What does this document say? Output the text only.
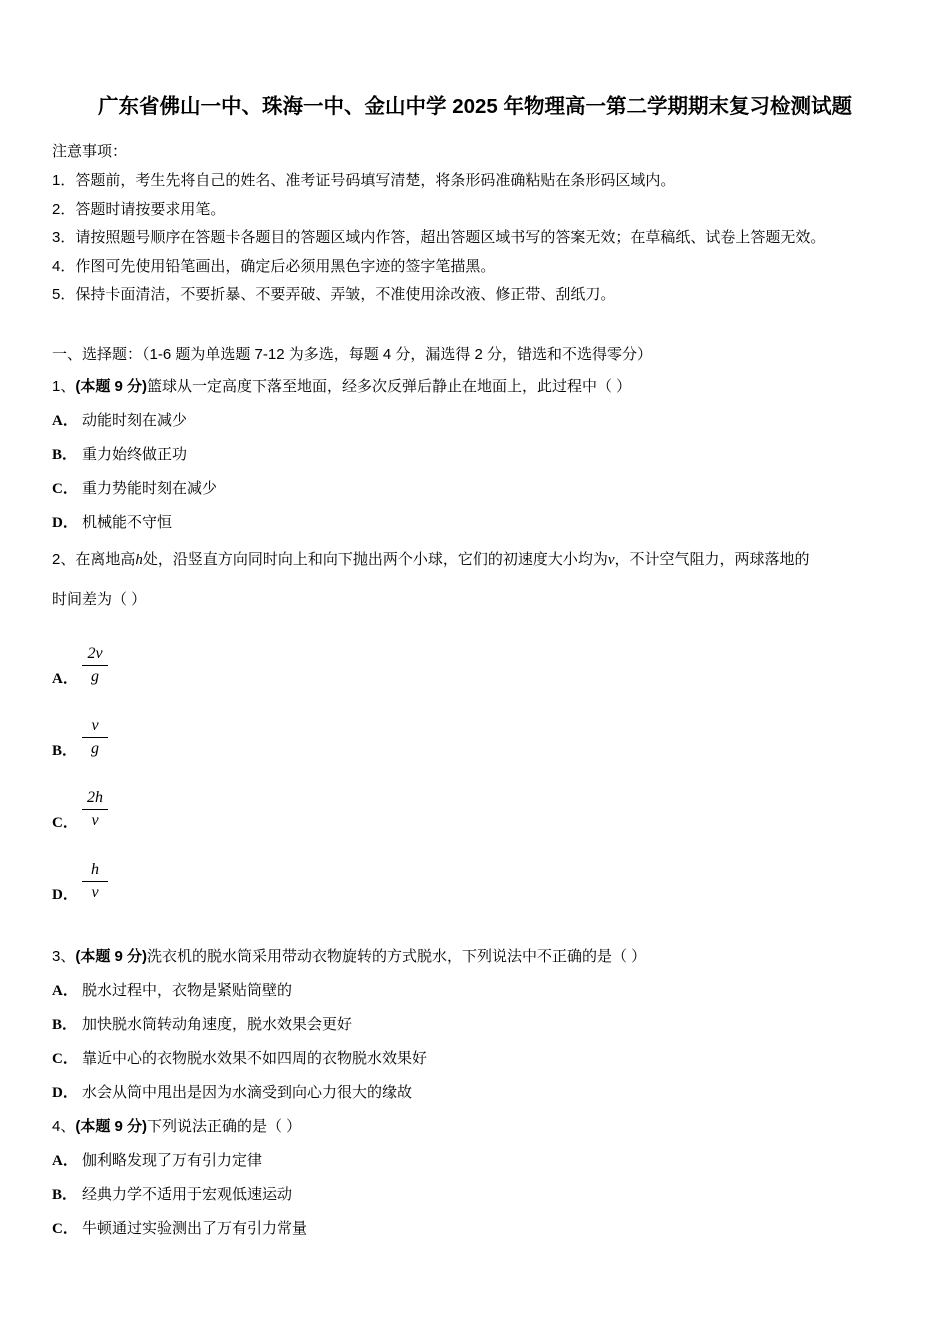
广东省佛山一中、珠海一中、金山中学 2025 年物理高一第二学期期末复习检测试题
注意事项：
1．答题前，考生先将自己的姓名、准考证号码填写清楚，将条形码准确粘贴在条形码区域内。
2．答题时请按要求用笔。
3．请按照题号顺序在答题卡各题目的答题区域内作答，超出答题区域书写的答案无效；在草稿纸、试卷上答题无效。
4．作图可先使用铅笔画出，确定后必须用黑色字迹的签字笔描黑。
5．保持卡面清洁，不要折暴、不要弄破、弄皱，不准使用涂改液、修正带、刮纸刀。
一、选择题：（1-6 题为单选题 7-12 为多选，每题 4 分，漏选得 2 分，错选和不选得零分）
1、(本题 9 分)篮球从一定高度下落至地面，经多次反弹后静止在地面上，此过程中（ ）
A． 动能时刻在减少
B． 重力始终做正功
C． 重力势能时刻在减少
D． 机械能不守恒
2、在离地高h处，沿竖直方向同时向上和向下抛出两个小球，它们的初速度大小均为v，不计空气阻力，两球落地的
时间差为（ ）
A． $\frac{2v}{g}$
B． $\frac{v}{g}$
C． $\frac{2h}{v}$
D． $\frac{h}{v}$
3、(本题 9 分)洗衣机的脱水筒采用带动衣物旋转的方式脱水，下列说法中不正确的是（ ）
A． 脱水过程中，衣物是紧贴筒壁的
B． 加快脱水筒转动角速度，脱水效果会更好
C． 靠近中心的衣物脱水效果不如四周的衣物脱水效果好
D． 水会从筒中甩出是因为水滴受到向心力很大的缘故
4、(本题 9 分)下列说法正确的是（ ）
A． 伽利略发现了万有引力定律
B． 经典力学不适用于宏观低速运动
C． 牛顿通过实验测出了万有引力常量
